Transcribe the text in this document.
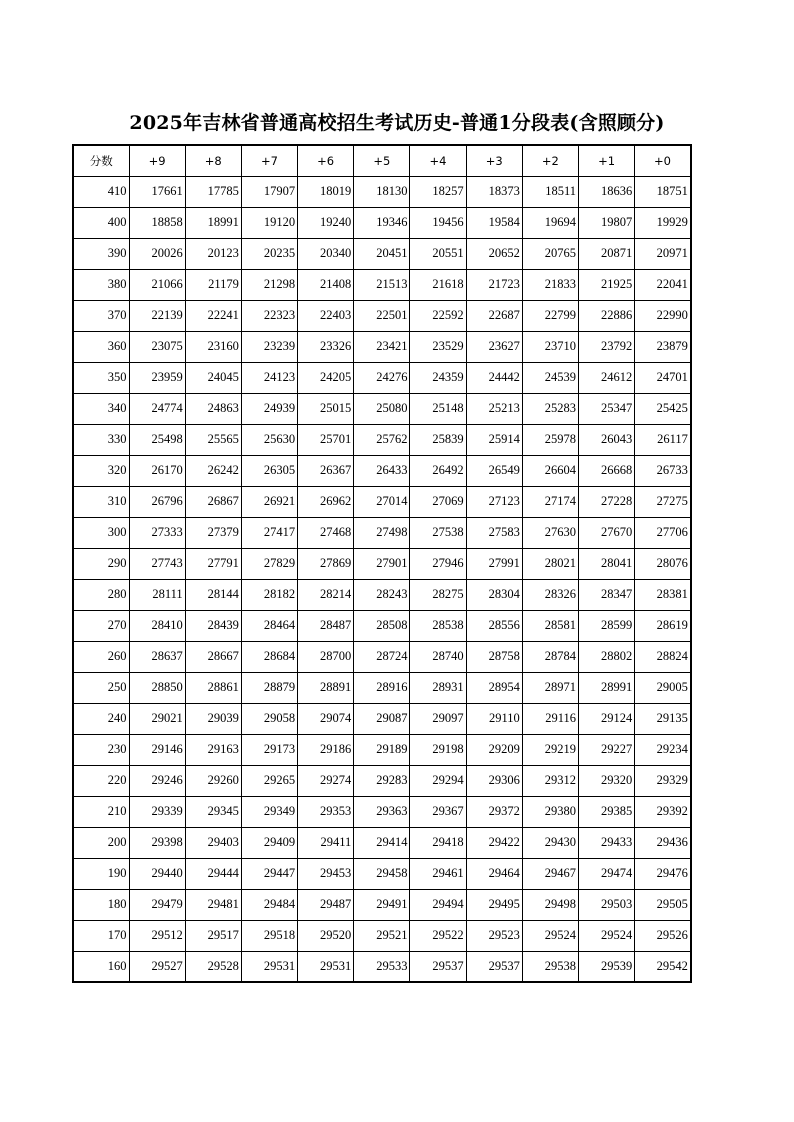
2025年吉林省普通高校招生考试历史-普通1分段表(含照顾分)
分数	+9	+8	+7	+6	+5	+4	+3	+2	+1	+0
410	17661	17785	17907	18019	18130	18257	18373	18511	18636	18751
400	18858	18991	19120	19240	19346	19456	19584	19694	19807	19929
390	20026	20123	20235	20340	20451	20551	20652	20765	20871	20971
380	21066	21179	21298	21408	21513	21618	21723	21833	21925	22041
370	22139	22241	22323	22403	22501	22592	22687	22799	22886	22990
360	23075	23160	23239	23326	23421	23529	23627	23710	23792	23879
350	23959	24045	24123	24205	24276	24359	24442	24539	24612	24701
340	24774	24863	24939	25015	25080	25148	25213	25283	25347	25425
330	25498	25565	25630	25701	25762	25839	25914	25978	26043	26117
320	26170	26242	26305	26367	26433	26492	26549	26604	26668	26733
310	26796	26867	26921	26962	27014	27069	27123	27174	27228	27275
300	27333	27379	27417	27468	27498	27538	27583	27630	27670	27706
290	27743	27791	27829	27869	27901	27946	27991	28021	28041	28076
280	28111	28144	28182	28214	28243	28275	28304	28326	28347	28381
270	28410	28439	28464	28487	28508	28538	28556	28581	28599	28619
260	28637	28667	28684	28700	28724	28740	28758	28784	28802	28824
250	28850	28861	28879	28891	28916	28931	28954	28971	28991	29005
240	29021	29039	29058	29074	29087	29097	29110	29116	29124	29135
230	29146	29163	29173	29186	29189	29198	29209	29219	29227	29234
220	29246	29260	29265	29274	29283	29294	29306	29312	29320	29329
210	29339	29345	29349	29353	29363	29367	29372	29380	29385	29392
200	29398	29403	29409	29411	29414	29418	29422	29430	29433	29436
190	29440	29444	29447	29453	29458	29461	29464	29467	29474	29476
180	29479	29481	29484	29487	29491	29494	29495	29498	29503	29505
170	29512	29517	29518	29520	29521	29522	29523	29524	29524	29526
160	29527	29528	29531	29531	29533	29537	29537	29538	29539	29542
